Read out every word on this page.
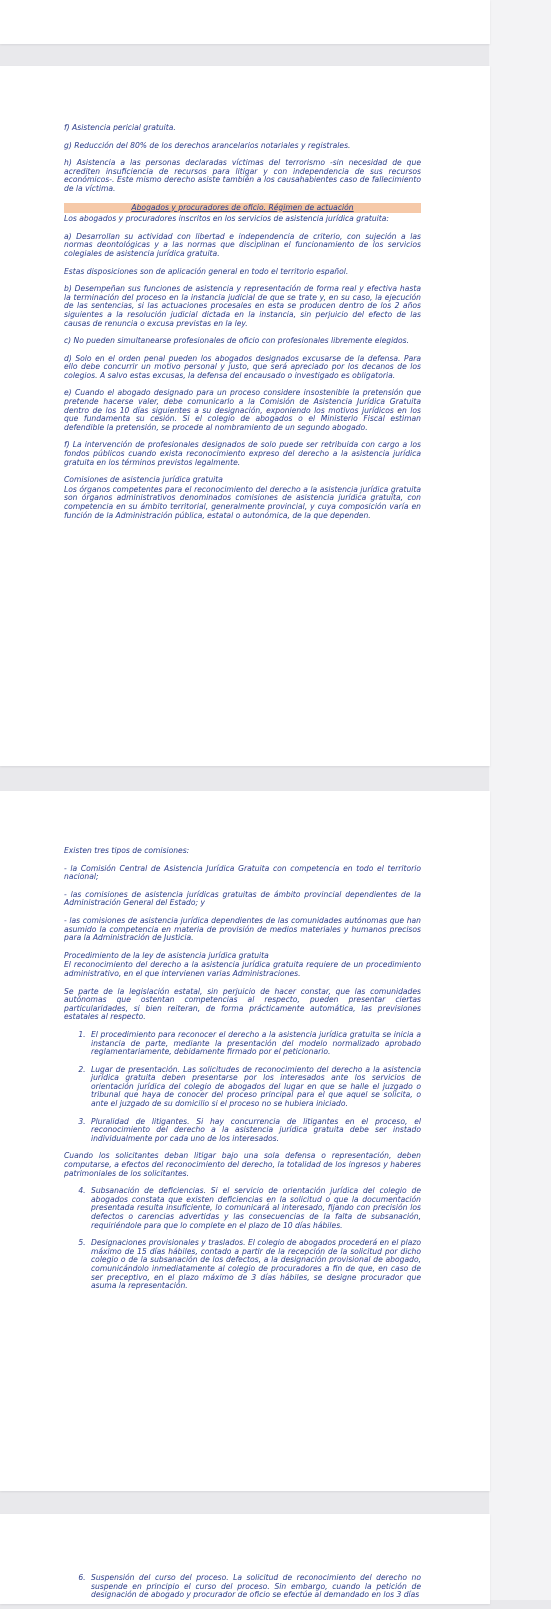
f) Asistencia pericial gratuita.

g) Reducción del 80% de los derechos arancelarios notariales y registrales.

h) Asistencia a las personas declaradas víctimas del terrorismo -sin necesidad de que acrediten insuficiencia de recursos para litigar y con independencia de sus recursos económicos-. Este mismo derecho asiste también a los causahabientes caso de fallecimiento de la víctima.

Abogados y procuradores de oficio. Régimen de actuación

Los abogados y procuradores inscritos en los servicios de asistencia jurídica gratuita:

a) Desarrollan su actividad con libertad e independencia de criterio, con sujeción a las normas deontológicas y a las normas que disciplinan el funcionamiento de los servicios colegiales de asistencia jurídica gratuita.

Estas disposiciones son de aplicación general en todo el territorio español.

b) Desempeñan sus funciones de asistencia y representación de forma real y efectiva hasta la terminación del proceso en la instancia judicial de que se trate y, en su caso, la ejecución de las sentencias, si las actuaciones procesales en esta se producen dentro de los 2 años siguientes a la resolución judicial dictada en la instancia, sin perjuicio del efecto de las causas de renuncia o excusa previstas en la ley.

c) No pueden simultanearse profesionales de oficio con profesionales libremente elegidos.

d) Solo en el orden penal pueden los abogados designados excusarse de la defensa. Para ello debe concurrir un motivo personal y justo, que será apreciado por los decanos de los colegios. A salvo estas excusas, la defensa del encausado o investigado es obligatoria.

e) Cuando el abogado designado para un proceso considere insostenible la pretensión que pretende hacerse valer, debe comunicarlo a la Comisión de Asistencia Jurídica Gratuita dentro de los 10 días siguientes a su designación, exponiendo los motivos jurídicos en los que fundamenta su cesión. Si el colegio de abogados o el Ministerio Fiscal estiman defendible la pretensión, se procede al nombramiento de un segundo abogado.

f) La intervención de profesionales designados de solo puede ser retribuida con cargo a los fondos públicos cuando exista reconocimiento expreso del derecho a la asistencia jurídica gratuita en los términos previstos legalmente.

Comisiones de asistencia jurídica gratuita

Los órganos competentes para el reconocimiento del derecho a la asistencia jurídica gratuita son órganos administrativos denominados comisiones de asistencia jurídica gratuita, con competencia en su ámbito territorial, generalmente provincial, y cuya composición varía en función de la Administración pública, estatal o autonómica, de la que dependen.

Existen tres tipos de comisiones:

- la Comisión Central de Asistencia Jurídica Gratuita con competencia en todo el territorio nacional;

- las comisiones de asistencia jurídicas gratuitas de ámbito provincial dependientes de la Administración General del Estado; y

- las comisiones de asistencia jurídica dependientes de las comunidades autónomas que han asumido la competencia en materia de provisión de medios materiales y humanos precisos para la Administración de Justicia.

Procedimiento de la ley de asistencia jurídica gratuita

El reconocimiento del derecho a la asistencia jurídica gratuita requiere de un procedimiento administrativo, en el que intervienen varias Administraciones.

Se parte de la legislación estatal, sin perjuicio de hacer constar, que las comunidades autónomas que ostentan competencias al respecto, pueden presentar ciertas particularidades, si bien reiteran, de forma prácticamente automática, las previsiones estatales al respecto.

1. El procedimiento para reconocer el derecho a la asistencia jurídica gratuita se inicia a instancia de parte, mediante la presentación del modelo normalizado aprobado reglamentariamente, debidamente firmado por el peticionario.
2. Lugar de presentación. Las solicitudes de reconocimiento del derecho a la asistencia jurídica gratuita deben presentarse por los interesados ante los servicios de orientación jurídica del colegio de abogados del lugar en que se halle el juzgado o tribunal que haya de conocer del proceso principal para el que aquel se solicita, o ante el juzgado de su domicilio si el proceso no se hubiera iniciado.
3. Pluralidad de litigantes. Si hay concurrencia de litigantes en el proceso, el reconocimiento del derecho a la asistencia jurídica gratuita debe ser instado individualmente por cada uno de los interesados.

Cuando los solicitantes deban litigar bajo una sola defensa o representación, deben computarse, a efectos del reconocimiento del derecho, la totalidad de los ingresos y haberes patrimoniales de los solicitantes.

4. Subsanación de deficiencias. Si el servicio de orientación jurídica del colegio de abogados constata que existen deficiencias en la solicitud o que la documentación presentada resulta insuficiente, lo comunicará al interesado, fijando con precisión los defectos o carencias advertidas y las consecuencias de la falta de subsanación, requiriéndole para que lo complete en el plazo de 10 días hábiles.
5. Designaciones provisionales y traslados. El colegio de abogados procederá en el plazo máximo de 15 días hábiles, contado a partir de la recepción de la solicitud por dicho colegio o de la subsanación de los defectos, a la designación provisional de abogado, comunicándolo inmediatamente al colegio de procuradores a fin de que, en caso de ser preceptivo, en el plazo máximo de 3 días hábiles, se designe procurador que asuma la representación.
6. Suspensión del curso del proceso. La solicitud de reconocimiento del derecho no suspende en principio el curso del proceso. Sin embargo, cuando la petición de designación de abogado y procurador de oficio se efectúe al demandado en los 3 días
